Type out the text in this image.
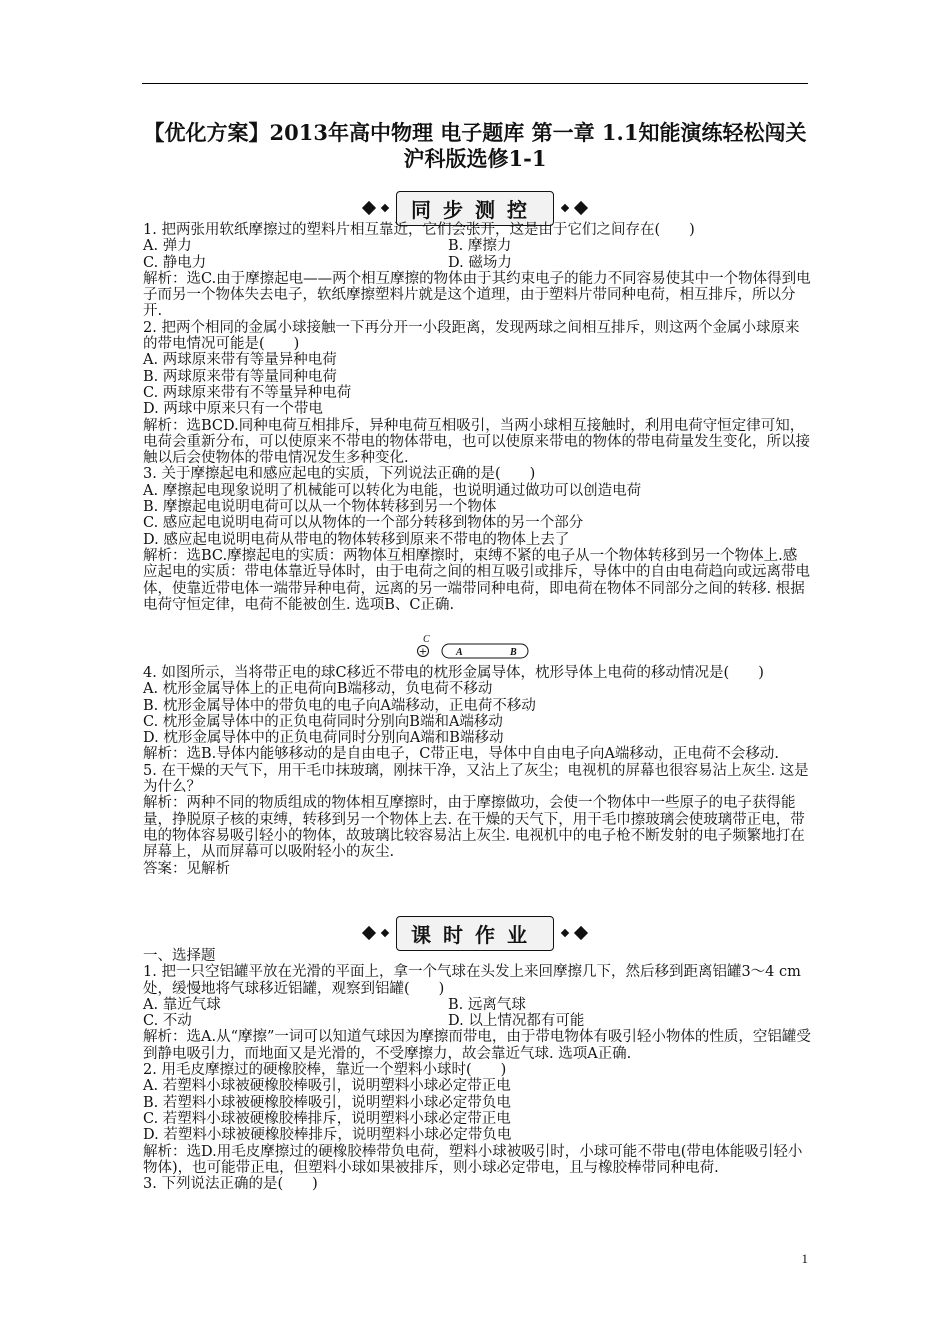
【优化方案】2013年高中物理 电子题库 第一章 1.1知能演练轻松闯关 沪科版选修1-1
同步测控

1. 把两张用软纸摩擦过的塑料片相互靠近，它们会张开，这是由于它们之间存在(　　)

A. 弹力	B. 摩擦力
C. 静电力	D. 磁场力

解析：选C.由于摩擦起电——两个相互摩擦的物体由于其约束电子的能力不同容易使其中一个物体得到电子而另一个物体失去电子，软纸摩擦塑料片就是这个道理，由于塑料片带同种电荷，相互排斥，所以分开.

2. 把两个相同的金属小球接触一下再分开一小段距离，发现两球之间相互排斥，则这两个金属小球原来的带电情况可能是(　　)

A. 两球原来带有等量异种电荷

B. 两球原来带有等量同种电荷

C. 两球原来带有不等量异种电荷

D. 两球中原来只有一个带电

解析：选BCD.同种电荷互相排斥，异种电荷互相吸引，当两小球相互接触时，利用电荷守恒定律可知，电荷会重新分布，可以使原来不带电的物体带电，也可以使原来带电的物体的带电荷量发生变化，所以接触以后会使物体的带电情况发生多种变化.

3. 关于摩擦起电和感应起电的实质，下列说法正确的是(　　)

A. 摩擦起电现象说明了机械能可以转化为电能，也说明通过做功可以创造电荷

B. 摩擦起电说明电荷可以从一个物体转移到另一个物体

C. 感应起电说明电荷可以从物体的一个部分转移到物体的另一个部分

D. 感应起电说明电荷从带电的物体转移到原来不带电的物体上去了

解析：选BC.摩擦起电的实质：两物体互相摩擦时，束缚不紧的电子从一个物体转移到另一个物体上.感应起电的实质：带电体靠近导体时，由于电荷之间的相互吸引或排斥，导体中的自由电荷趋向或远离带电体，使靠近带电体一端带异种电荷，远离的另一端带同种电荷，即电荷在物体不同部分之间的转移. 根据电荷守恒定律，电荷不能被创生. 选项B、C正确.

C
+	A	B

4. 如图所示，当将带正电的球C移近不带电的枕形金属导体，枕形导体上电荷的移动情况是(　　)

A. 枕形金属导体上的正电荷向B端移动，负电荷不移动

B. 枕形金属导体中的带负电的电子向A端移动，正电荷不移动

C. 枕形金属导体中的正负电荷同时分别向B端和A端移动

D. 枕形金属导体中的正负电荷同时分别向A端和B端移动

解析：选B.导体内能够移动的是自由电子，C带正电，导体中自由电子向A端移动，正电荷不会移动.

5. 在干燥的天气下，用干毛巾抹玻璃，刚抹干净，又沾上了灰尘；电视机的屏幕也很容易沾上灰尘. 这是为什么？

解析：两种不同的物质组成的物体相互摩擦时，由于摩擦做功，会使一个物体中一些原子的电子获得能量，挣脱原子核的束缚，转移到另一个物体上去. 在干燥的天气下，用干毛巾擦玻璃会使玻璃带正电，带电的物体容易吸引轻小的物体，故玻璃比较容易沾上灰尘. 电视机中的电子枪不断发射的电子频繁地打在屏幕上，从而屏幕可以吸附轻小的灰尘.

答案：见解析

课时作业

一、选择题

1. 把一只空铝罐平放在光滑的平面上，拿一个气球在头发上来回摩擦几下，然后移到距离铝罐3～4 cm处，缓慢地将气球移近铝罐，观察到铝罐(　　)

A. 靠近气球	B. 远离气球
C. 不动	D. 以上情况都有可能

解析：选A.从“摩擦”一词可以知道气球因为摩擦而带电，由于带电物体有吸引轻小物体的性质，空铝罐受到静电吸引力，而地面又是光滑的，不受摩擦力，故会靠近气球. 选项A正确.

2. 用毛皮摩擦过的硬橡胶棒，靠近一个塑料小球时(　　)

A. 若塑料小球被硬橡胶棒吸引，说明塑料小球必定带正电

B. 若塑料小球被硬橡胶棒吸引，说明塑料小球必定带负电

C. 若塑料小球被硬橡胶棒排斥，说明塑料小球必定带正电

D. 若塑料小球被硬橡胶棒排斥，说明塑料小球必定带负电

解析：选D.用毛皮摩擦过的硬橡胶棒带负电荷，塑料小球被吸引时，小球可能不带电(带电体能吸引轻小物体)，也可能带正电，但塑料小球如果被排斥，则小球必定带电，且与橡胶棒带同种电荷.

3. 下列说法正确的是(　　)

1
